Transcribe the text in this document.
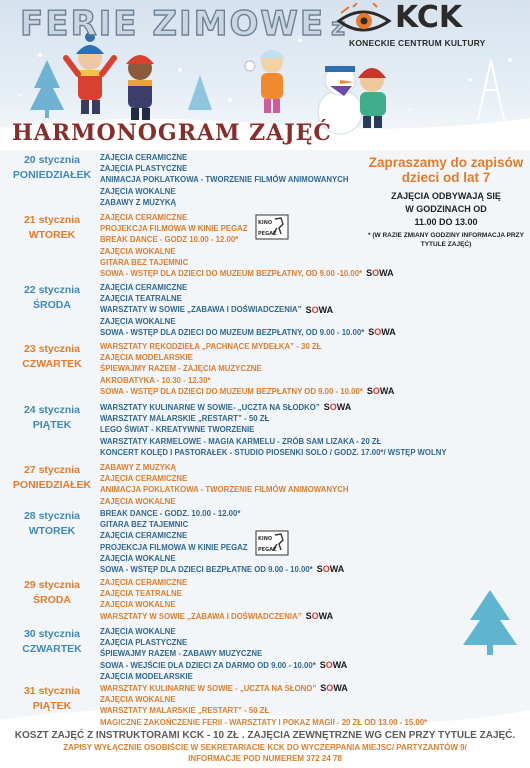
FERIE ZIMOWE z KCK
KONECKIE CENTRUM KULTURY
HARMONOGRAM ZAJĘĆ
Zapraszamy do zapisów dzieci od lat 7
ZAJĘCIA ODBYWAJĄ SIĘ
W GODZINACH OD
11.00 DO 13.00
* (W RAZIE ZMIANY GODZINY INFORMACJA PRZY TYTULE ZAJĘĆ)
20 stycznia
PONIEDZIAŁEK
ZAJĘCIA CERAMICZNE
ZAJĘCIA PLASTYCZNE
ANIMACJA POKLATKOWA - TWORZENIE FILMÓW ANIMOWANYCH
ZAJĘCIA WOKALNE
ZABAWY Z MUZYKĄ
21 stycznia
WTOREK
ZAJĘCIA CERAMICZNE
PROJEKCJA FILMOWA W KINIE PEGAZ
BREAK DANCE - GODZ 10.00 - 12.00*
ZAJĘCIA WOKALNE
GITARA BEZ TAJEMNIC
SOWA - WSTĘP DLA DZIECI DO MUZEUM BEZPŁATNY, OD 9.00 -10.00* SOWA
22 stycznia
ŚRODA
ZAJĘCIA CERAMICZNE
ZAJĘCIA TEATRALNE
WARSZTATY W SOWIE „ZABAWA I DOŚWIADCZENIA” SOWA
ZAJĘCIA WOKALNE
SOWA - WSTĘP DLA DZIECI DO MUZEUM BEZPŁATNY, OD 9.00 - 10.00* SOWA
23 stycznia
CZWARTEK
WARSZTATY RĘKODZIEŁA „PACHNĄCE MYDEŁKA” - 30 ZŁ
ZAJĘCIA MODELARSKIE
ŚPIEWAJMY RAZEM - ZAJĘCIA MUZYCZNE
AKROBATYKA - 10.30 - 12.30*
SOWA - WSTĘP DLA DZIECI DO MUZEUM BEZPŁATNY OD 9.00 - 10.00* SOWA
24 stycznia
PIĄTEK
WARSZTATY KULINARNE W SOWIE- „UCZTA NA SŁODKO” SOWA
WARSZTATY MALARSKIE „RESTART” - 50 ZŁ
LEGO ŚWIAT - KREATYWNE TWORZENIE
WARSZTATY KARMELOWE - MAGIA KARMELU - ZRÓB SAM LIZAKA - 20 ZŁ
KONCERT KOLĘD I PASTORAŁEK - STUDIO PIOSENKI SOLO / GODZ. 17.00*/ WSTĘP WOLNY
27 stycznia
PONIEDZIAŁEK
ZABAWY Z MUZYKĄ
ZAJĘCIA CERAMICZNE
ANIMACJA POKLATKOWA - TWORZENIE FILMÓW ANIMOWANYCH
ZAJĘCIA WOKALNE
28 stycznia
WTOREK
BREAK DANCE - GODZ. 10.00 - 12.00*
GITARA BEZ TAJEMNIC
ZAJĘCIA CERAMICZNE
PROJEKCJA FILMOWA W KINIE PEGAZ
ZAJĘCIA WOKALNE
SOWA - WSTĘP DLA DZIECI BEZPŁATNE OD 9.00 - 10.00* SOWA
29 stycznia
ŚRODA
ZAJĘCIA CERAMICZNE
ZAJĘCIA TEATRALNE
ZAJĘCIA WOKALNE
WARSZTATY W SOWIE „ZABAWA I DOŚWIADCZENIA” SOWA
30 stycznia
CZWARTEK
ZAJĘCIA WOKALNE
ZAJĘCIA PLASTYCZNE
ŚPIEWAJMY RAZEM - ZABAWY MUZYCZNE
SOWA - WEJŚCIE DLA DZIECI ZA DARMO OD 9.00 - 10.00* SOWA
ZAJĘCIA MODELARSKIE
31 stycznia
PIĄTEK
WARSZTATY KULINARNE W SOWIE - „UCZTA NA SŁONO” SOWA
ZAJĘCIA WOKALNE
WARSZTATY MALARSKIE „RESTART” - 50 ZŁ
MAGICZNE ZAKOŃCZENIE FERII - WARSZTATY I POKAZ MAGII - 20 ZŁ OD 13.00 - 15.00*
KINO
PEGAZ
KINO
PEGAZ
KOSZT ZAJĘĆ Z INSTRUKTORAMI KCK - 10 ZŁ . ZAJĘCIA ZEWNĘTRZNE WG CEN PRZY TYTULE ZAJĘĆ.
ZAPISY WYŁĄCZNIE OSOBIŚCIE W SEKRETARIACIE KCK DO WYCZERPANIA MIEJSC/ PARTYZANTÓW 9/
INFORMACJE POD NUMEREM 372 24 78
